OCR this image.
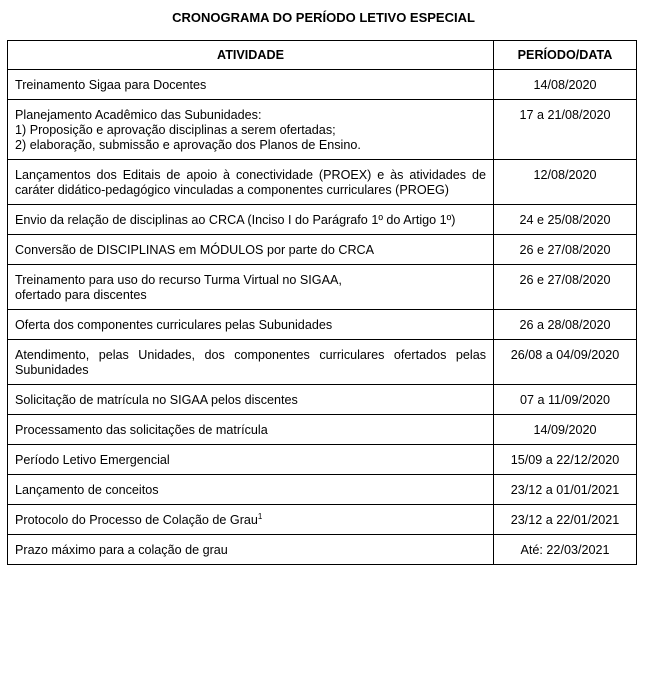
CRONOGRAMA DO PERÍODO LETIVO ESPECIAL
ATIVIDADE	PERÍODO/DATA
Treinamento Sigaa para Docentes	14/08/2020

Planejamento Acadêmico das Subunidades:
1) Proposição e aprovação disciplinas a serem ofertadas;
2) elaboração, submissão e aprovação dos Planos de Ensino.	17 a 21/08/2020
Lançamentos dos Editais de apoio à conectividade (PROEX) e às atividades de caráter didático-pedagógico vinculadas a componentes curriculares (PROEG)	12/08/2020
Envio da relação de disciplinas ao CRCA (Inciso I do Parágrafo 1º do Artigo 1º)	24 e 25/08/2020
Conversão de DISCIPLINAS em MÓDULOS por parte do CRCA	26 e 27/08/2020

Treinamento para uso do recurso Turma Virtual no SIGAA,
ofertado para discentes	26 e 27/08/2020
Oferta dos componentes curriculares pelas Subunidades	26 a 28/08/2020
Atendimento, pelas Unidades, dos componentes curriculares ofertados pelas Subunidades	26/08 a 04/09/2020
Solicitação de matrícula no SIGAA pelos discentes	07 a 11/09/2020
Processamento das solicitações de matrícula	14/09/2020
Período Letivo Emergencial	15/09 a 22/12/2020
Lançamento de conceitos	23/12 a 01/01/2021
Protocolo do Processo de Colação de Grau$^1$	23/12 a 22/01/2021
Prazo máximo para a colação de grau	Até: 22/03/2021
